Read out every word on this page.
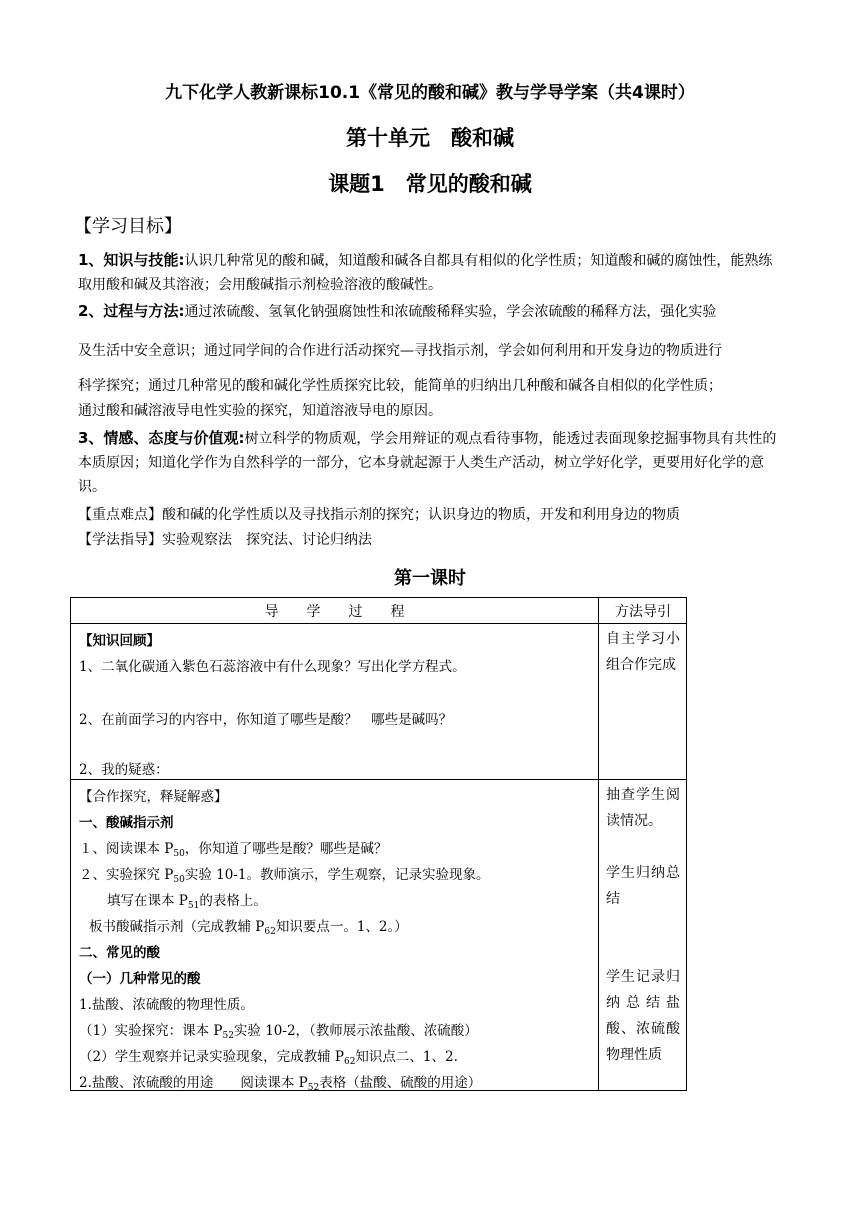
九下化学人教新课标10.1《常见的酸和碱》教与学导学案（共4课时）
第十单元　酸和碱
课题1　常见的酸和碱
【学习目标】
1、知识与技能:认识几种常见的酸和碱，知道酸和碱各自都具有相似的化学性质；知道酸和碱的腐蚀性，能熟练取用酸和碱及其溶液；会用酸碱指示剂检验溶液的酸碱性。
2、过程与方法:通过浓硫酸、氢氧化钠强腐蚀性和浓硫酸稀释实验，学会浓硫酸的稀释方法，强化实验
及生活中安全意识；通过同学间的合作进行活动探究—寻找指示剂，学会如何利用和开发身边的物质进行
科学探究；通过几种常见的酸和碱化学性质探究比较，能简单的归纳出几种酸和碱各自相似的化学性质；
通过酸和碱溶液导电性实验的探究，知道溶液导电的原因。
3、情感、态度与价值观:树立科学的物质观，学会用辩证的观点看待事物，能透过表面现象挖掘事物具有共性的本质原因；知道化学作为自然科学的一部分，它本身就起源于人类生产活动，树立学好化学，更要用好化学的意识。
【重点难点】酸和碱的化学性质以及寻找指示剂的探究；认识身边的物质，开发和利用身边的物质
【学法指导】实验观察法　探究法、讨论归纳法
第一课时
导　　学　　过　　程	方法导引
【知识回顾】
1、二氧化碳通入紫色石蕊溶液中有什么现象？写出化学方程式。
2、在前面学习的内容中，你知道了哪些是酸？　哪些是碱吗？
2、我的疑惑：
自主学习小组合作完成
【合作探究，释疑解惑】
一、酸碱指示剂
１、阅读课本 $P_{50}$，你知道了哪些是酸？哪些是碱？
２、实验探究 $P_{50}$实验 10-1。教师演示，学生观察，记录实验现象。
填写在课本 $P_{51}$的表格上。
板书酸碱指示剂（完成教辅 $P_{62}$知识要点一。1、2。）
二、常见的酸
（一）几种常见的酸
1.盐酸、浓硫酸的物理性质。
（1）实验探究：课本 $P_{52}$实验 10-2，（教师展示浓盐酸、浓硫酸）
（2）学生观察并记录实验现象，完成教辅 $P_{62}$知识点二、1、2.
2.盐酸、浓硫酸的用途　　阅读课本 $P_{52}$表格（盐酸、硫酸的用途）
抽查学生阅读情况。
学生归纳总结
学生记录归纳总结盐酸、浓硫酸物理性质
